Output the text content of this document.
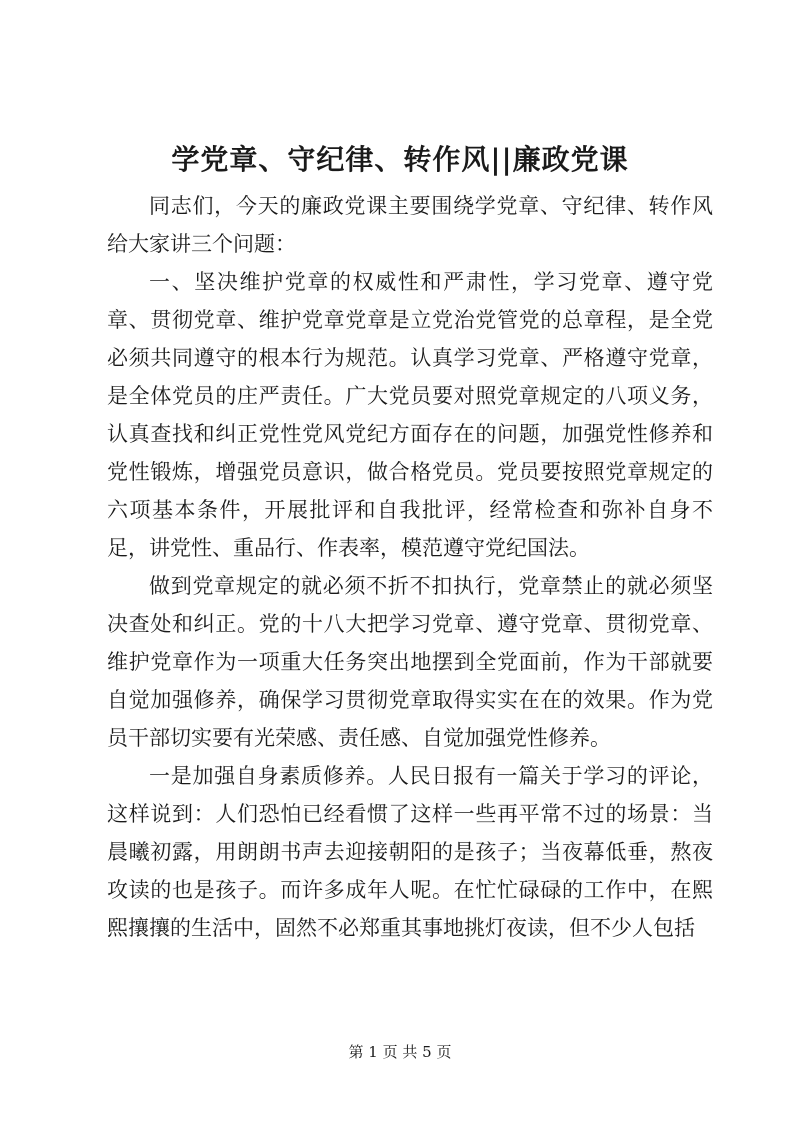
学党章、守纪律、转作风||廉政党课

同志们，今天的廉政党课主要围绕学党章、守纪律、转作风给大家讲三个问题：

一、坚决维护党章的权威性和严肃性，学习党章、遵守党章、贯彻党章、维护党章党章是立党治党管党的总章程，是全党必须共同遵守的根本行为规范。认真学习党章、严格遵守党章，是全体党员的庄严责任。广大党员要对照党章规定的八项义务，认真查找和纠正党性党风党纪方面存在的问题，加强党性修养和党性锻炼，增强党员意识，做合格党员。党员要按照党章规定的六项基本条件，开展批评和自我批评，经常检查和弥补自身不足，讲党性、重品行、作表率，模范遵守党纪国法。

做到党章规定的就必须不折不扣执行，党章禁止的就必须坚决查处和纠正。党的十八大把学习党章、遵守党章、贯彻党章、维护党章作为一项重大任务突出地摆到全党面前，作为干部就要自觉加强修养，确保学习贯彻党章取得实实在在的效果。作为党员干部切实要有光荣感、责任感、自觉加强党性修养。

一是加强自身素质修养。人民日报有一篇关于学习的评论，这样说到：人们恐怕已经看惯了这样一些再平常不过的场景：当晨曦初露，用朗朗书声去迎接朝阳的是孩子；当夜幕低垂，熬夜攻读的也是孩子。而许多成年人呢。在忙忙碌碌的工作中，在熙熙攘攘的生活中，固然不必郑重其事地挑灯夜读，但不少人包括

第 1 页 共 5 页
